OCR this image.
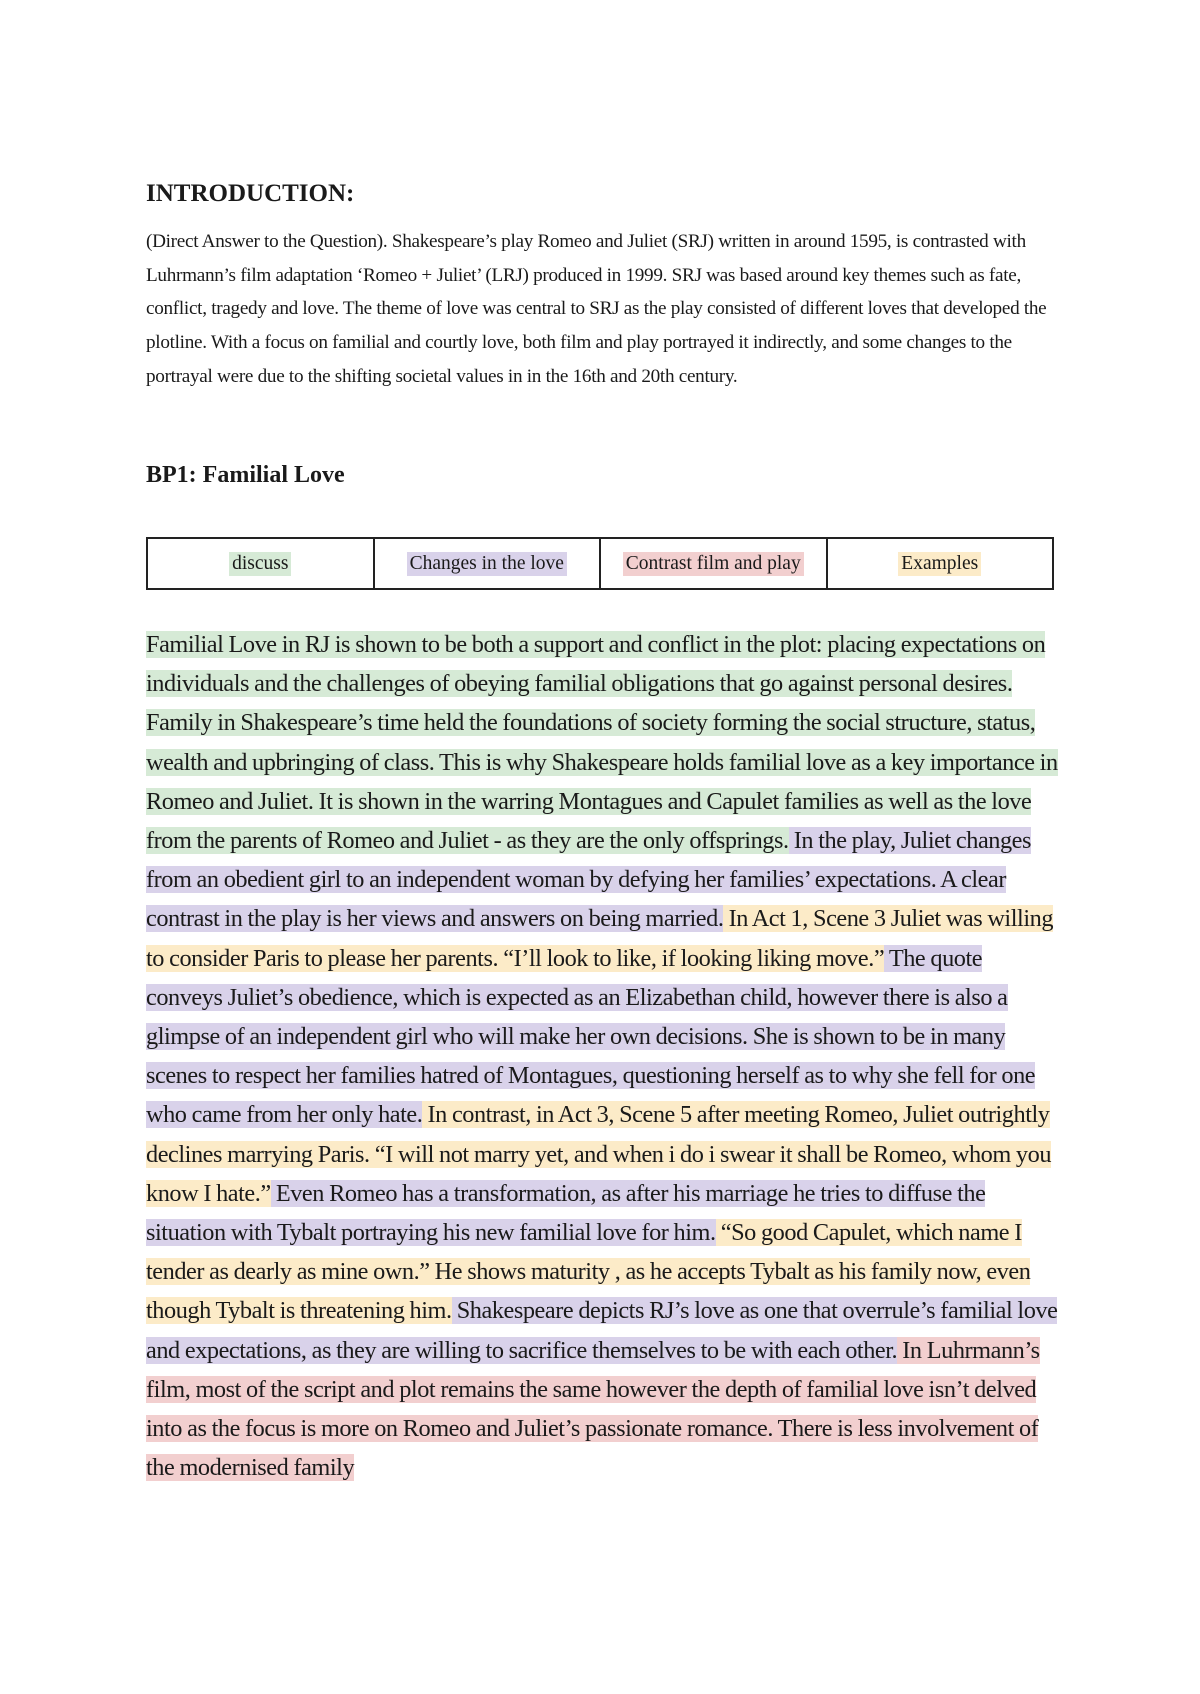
INTRODUCTION:
(Direct Answer to the Question). Shakespeare’s play Romeo and Juliet (SRJ) written in around 1595, is contrasted with Luhrmann’s film adaptation ‘Romeo + Juliet’ (LRJ) produced in 1999. SRJ was based around key themes such as fate, conflict, tragedy and love. The theme of love was central to SRJ as the play consisted of different loves that developed the plotline. With a focus on familial and courtly love, both film and play portrayed it indirectly, and some changes to the portrayal were due to the shifting societal values in in the 16th and 20th century.
BP1: Familial Love
discuss	Changes in the love	Contrast film and play	Examples
Familial Love in RJ is shown to be both a support and conflict in the plot: placing expectations on individuals and the challenges of obeying familial obligations that go against personal desires. Family in Shakespeare’s time held the foundations of society forming the social structure, status, wealth and upbringing of class. This is why Shakespeare holds familial love as a key importance in Romeo and Juliet. It is shown in the warring Montagues and Capulet families as well as the love from the parents of Romeo and Juliet - as they are the only offsprings. In the play, Juliet changes from an obedient girl to an independent woman by defying her families’ expectations. A clear contrast in the play is her views and answers on being married. In Act 1, Scene 3 Juliet was willing to consider Paris to please her parents. “I’ll look to like, if looking liking move.” The quote conveys Juliet’s obedience, which is expected as an Elizabethan child, however there is also a glimpse of an independent girl who will make her own decisions. She is shown to be in many scenes to respect her families hatred of Montagues, questioning herself as to why she fell for one who came from her only hate. In contrast, in Act 3, Scene 5 after meeting Romeo, Juliet outrightly declines marrying Paris. “I will not marry yet, and when i do i swear it shall be Romeo, whom you know I hate.” Even Romeo has a transformation, as after his marriage he tries to diffuse the situation with Tybalt portraying his new familial love for him. “So good Capulet, which name I tender as dearly as mine own.” He shows maturity , as he accepts Tybalt as his family now, even though Tybalt is threatening him. Shakespeare depicts RJ’s love as one that overrule’s familial love and expectations, as they are willing to sacrifice themselves to be with each other. In Luhrmann’s film, most of the script and plot remains the same however the depth of familial love isn’t delved into as the focus is more on Romeo and Juliet’s passionate romance. There is less involvement of the modernised family
